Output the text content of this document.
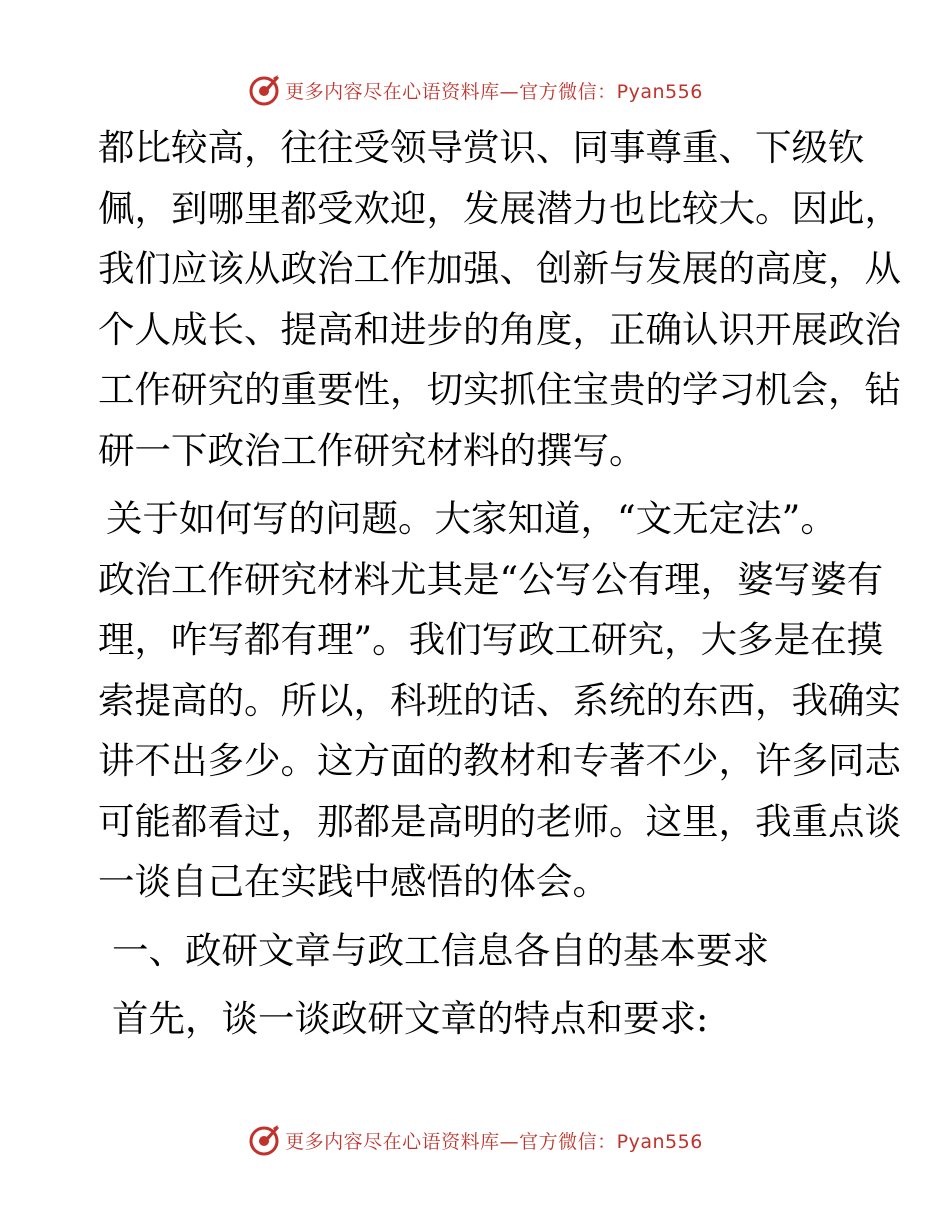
更多内容尽在心语资料库—官方微信：Pyan556

都比较高，往往受领导赏识、同事尊重、下级钦
佩，到哪里都受欢迎，发展潜力也比较大。因此，
我们应该从政治工作加强、创新与发展的高度，从
个人成长、提高和进步的角度，正确认识开展政治
工作研究的重要性，切实抓住宝贵的学习机会，钻
研一下政治工作研究材料的撰写。

关于如何写的问题。大家知道，“文无定法”。
政治工作研究材料尤其是“公写公有理，婆写婆有
理，咋写都有理”。我们写政工研究，大多是在摸
索提高的。所以，科班的话、系统的东西，我确实
讲不出多少。这方面的教材和专著不少，许多同志
可能都看过，那都是高明的老师。这里，我重点谈
一谈自己在实践中感悟的体会。

一、政研文章与政工信息各自的基本要求

首先，谈一谈政研文章的特点和要求:

更多内容尽在心语资料库—官方微信：Pyan556
